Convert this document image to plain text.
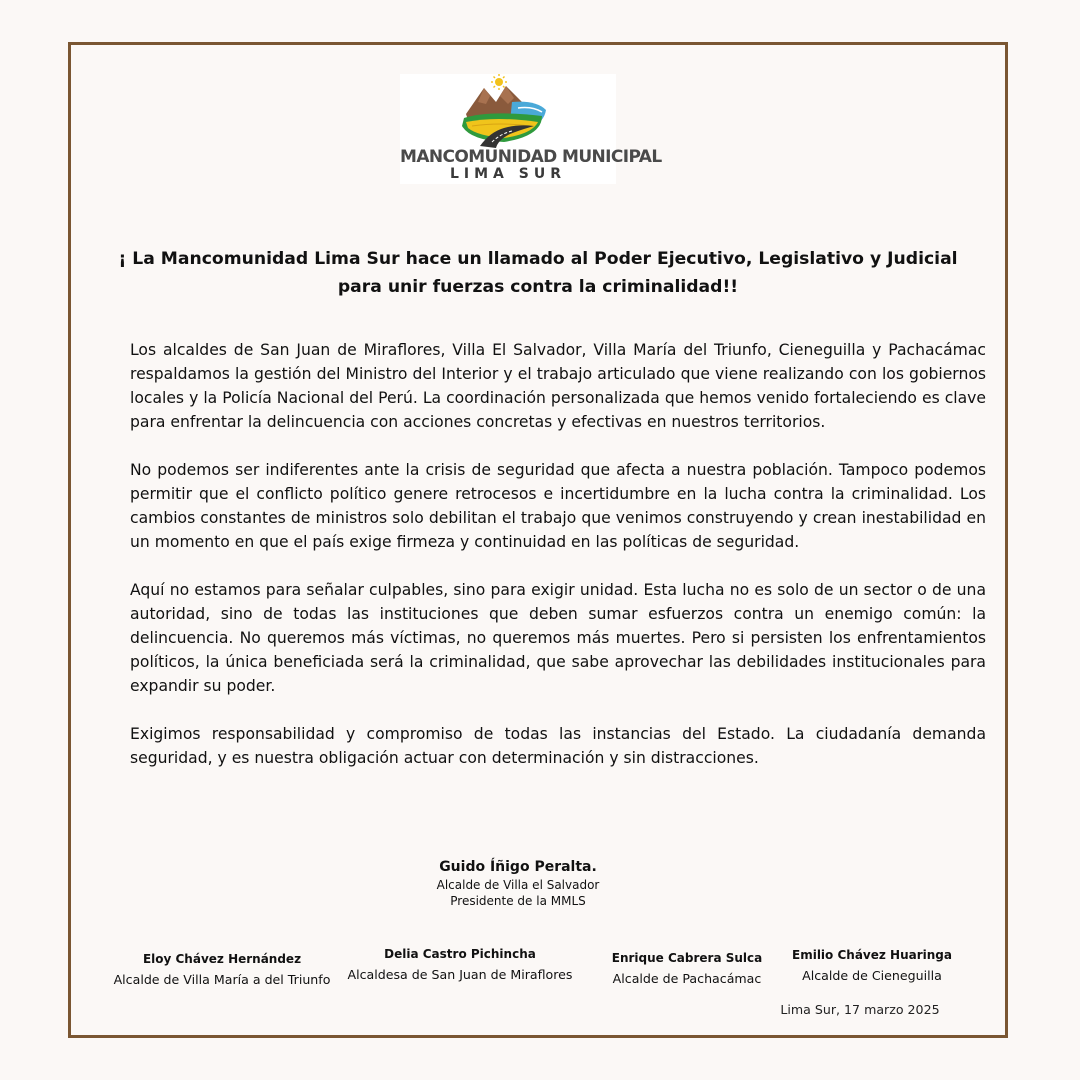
MANCOMUNIDAD MUNICIPAL
LIMA SUR
¡ La Mancomunidad Lima Sur hace un llamado al Poder Ejecutivo, Legislativo y Judicial
para unir fuerzas contra la criminalidad!!

Los alcaldes de San Juan de Miraflores, Villa El Salvador, Villa María del Triunfo, Cieneguilla y Pachacámac respaldamos la gestión del Ministro del Interior y el trabajo articulado que viene realizando con los gobiernos locales y la Policía Nacional del Perú. La coordinación personalizada que hemos venido fortaleciendo es clave para enfrentar la delincuencia con acciones concretas y efectivas en nuestros territorios.

No podemos ser indiferentes ante la crisis de seguridad que afecta a nuestra población. Tampoco podemos permitir que el conflicto político genere retrocesos e incertidumbre en la lucha contra la criminalidad. Los cambios constantes de ministros solo debilitan el trabajo que venimos construyendo y crean inestabilidad en un momento en que el país exige firmeza y continuidad en las políticas de seguridad.

Aquí no estamos para señalar culpables, sino para exigir unidad. Esta lucha no es solo de un sector o de una autoridad, sino de todas las instituciones que deben sumar esfuerzos contra un enemigo común: la delincuencia. No queremos más víctimas, no queremos más muertes. Pero si persisten los enfrentamientos políticos, la única beneficiada será la criminalidad, que sabe aprovechar las debilidades institucionales para expandir su poder.

Exigimos responsabilidad y compromiso de todas las instancias del Estado. La ciudadanía demanda seguridad, y es nuestra obligación actuar con determinación y sin distracciones.

Guido Íñigo Peralta.
Alcalde de Villa el Salvador
Presidente de la MMLS
Eloy Chávez Hernández
Alcalde de Villa María a del Triunfo
Delia Castro Pichincha
Alcaldesa de San Juan de Miraflores
Enrique Cabrera Sulca
Alcalde de Pachacámac
Emilio Chávez Huaringa
Alcalde de Cieneguilla
Lima Sur, 17 marzo 2025
